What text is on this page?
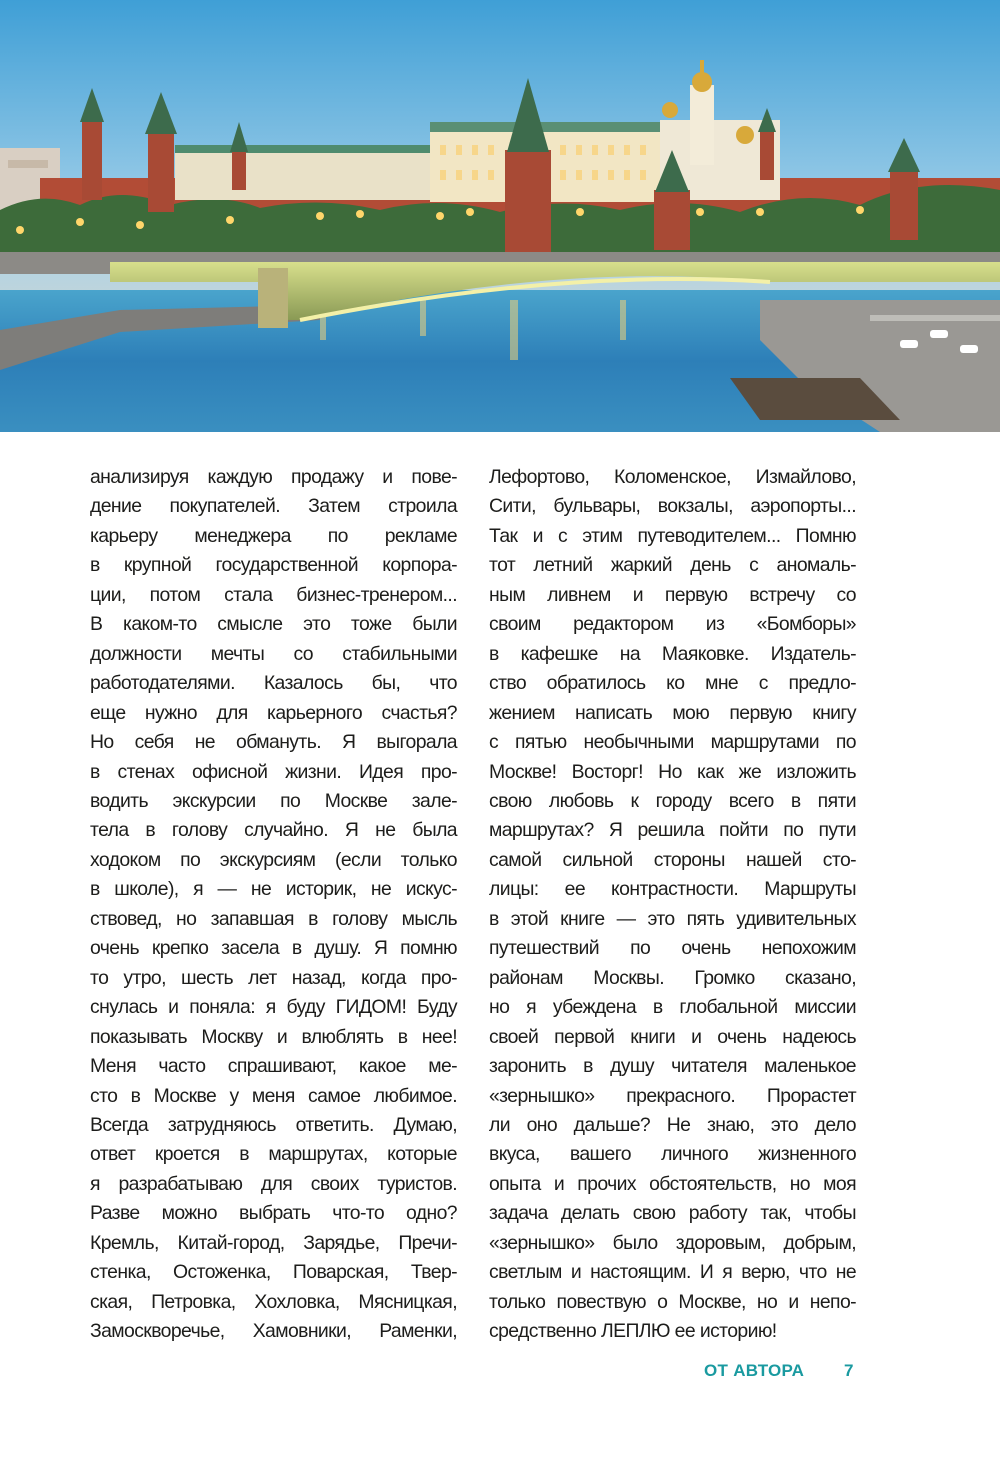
анализируя каждую продажу и пове-

дение покупателей. Затем строила

карьеру менеджера по рекламе

в крупной государственной корпора-

ции, потом стала бизнес-тренером...

В каком-то смысле это тоже были

должности мечты со стабильными

работодателями. Казалось бы, что

еще нужно для карьерного счастья?

Но себя не обмануть. Я выгорала

в стенах офисной жизни. Идея про-

водить экскурсии по Москве зале-

тела в голову случайно. Я не была

ходоком по экскурсиям (если только

в школе), я — не историк, не искус-

ствовед, но запавшая в голову мысль

очень крепко засела в душу. Я помню

то утро, шесть лет назад, когда про-

снулась и поняла: я буду ГИДОМ! Буду

показывать Москву и влюблять в нее!

Меня часто спрашивают, какое ме-

сто в Москве у меня самое любимое.

Всегда затрудняюсь ответить. Думаю,

ответ кроется в маршрутах, которые

я разрабатываю для своих туристов.

Разве можно выбрать что-то одно?

Кремль, Китай-город, Зарядье, Пречи-

стенка, Остоженка, Поварская, Твер-

ская, Петровка, Хохловка, Мясницкая,

Замоскворечье, Хамовники, Раменки,

Лефортово, Коломенское, Измайлово,

Сити, бульвары, вокзалы, аэропорты...

Так и с этим путеводителем... Помню

тот летний жаркий день с аномаль-

ным ливнем и первую встречу со

своим редактором из «Бомборы»

в кафешке на Маяковке. Издатель-

ство обратилось ко мне с предло-

жением написать мою первую книгу

с пятью необычными маршрутами по

Москве! Восторг! Но как же изложить

свою любовь к городу всего в пяти

маршрутах? Я решила пойти по пути

самой сильной стороны нашей сто-

лицы: ее контрастности. Маршруты

в этой книге — это пять удивительных

путешествий по очень непохожим

районам Москвы. Громко сказано,

но я убеждена в глобальной миссии

своей первой книги и очень надеюсь

заронить в душу читателя маленькое

«зернышко» прекрасного. Прорастет

ли оно дальше? Не знаю, это дело

вкуса, вашего личного жизненного

опыта и прочих обстоятельств, но моя

задача делать свою работу так, чтобы

«зернышко» было здоровым, добрым,

светлым и настоящим. И я верю, что не

только повествую о Москве, но и непо-

средственно ЛЕПЛЮ ее историю!

ОТ АВТОРА 7
